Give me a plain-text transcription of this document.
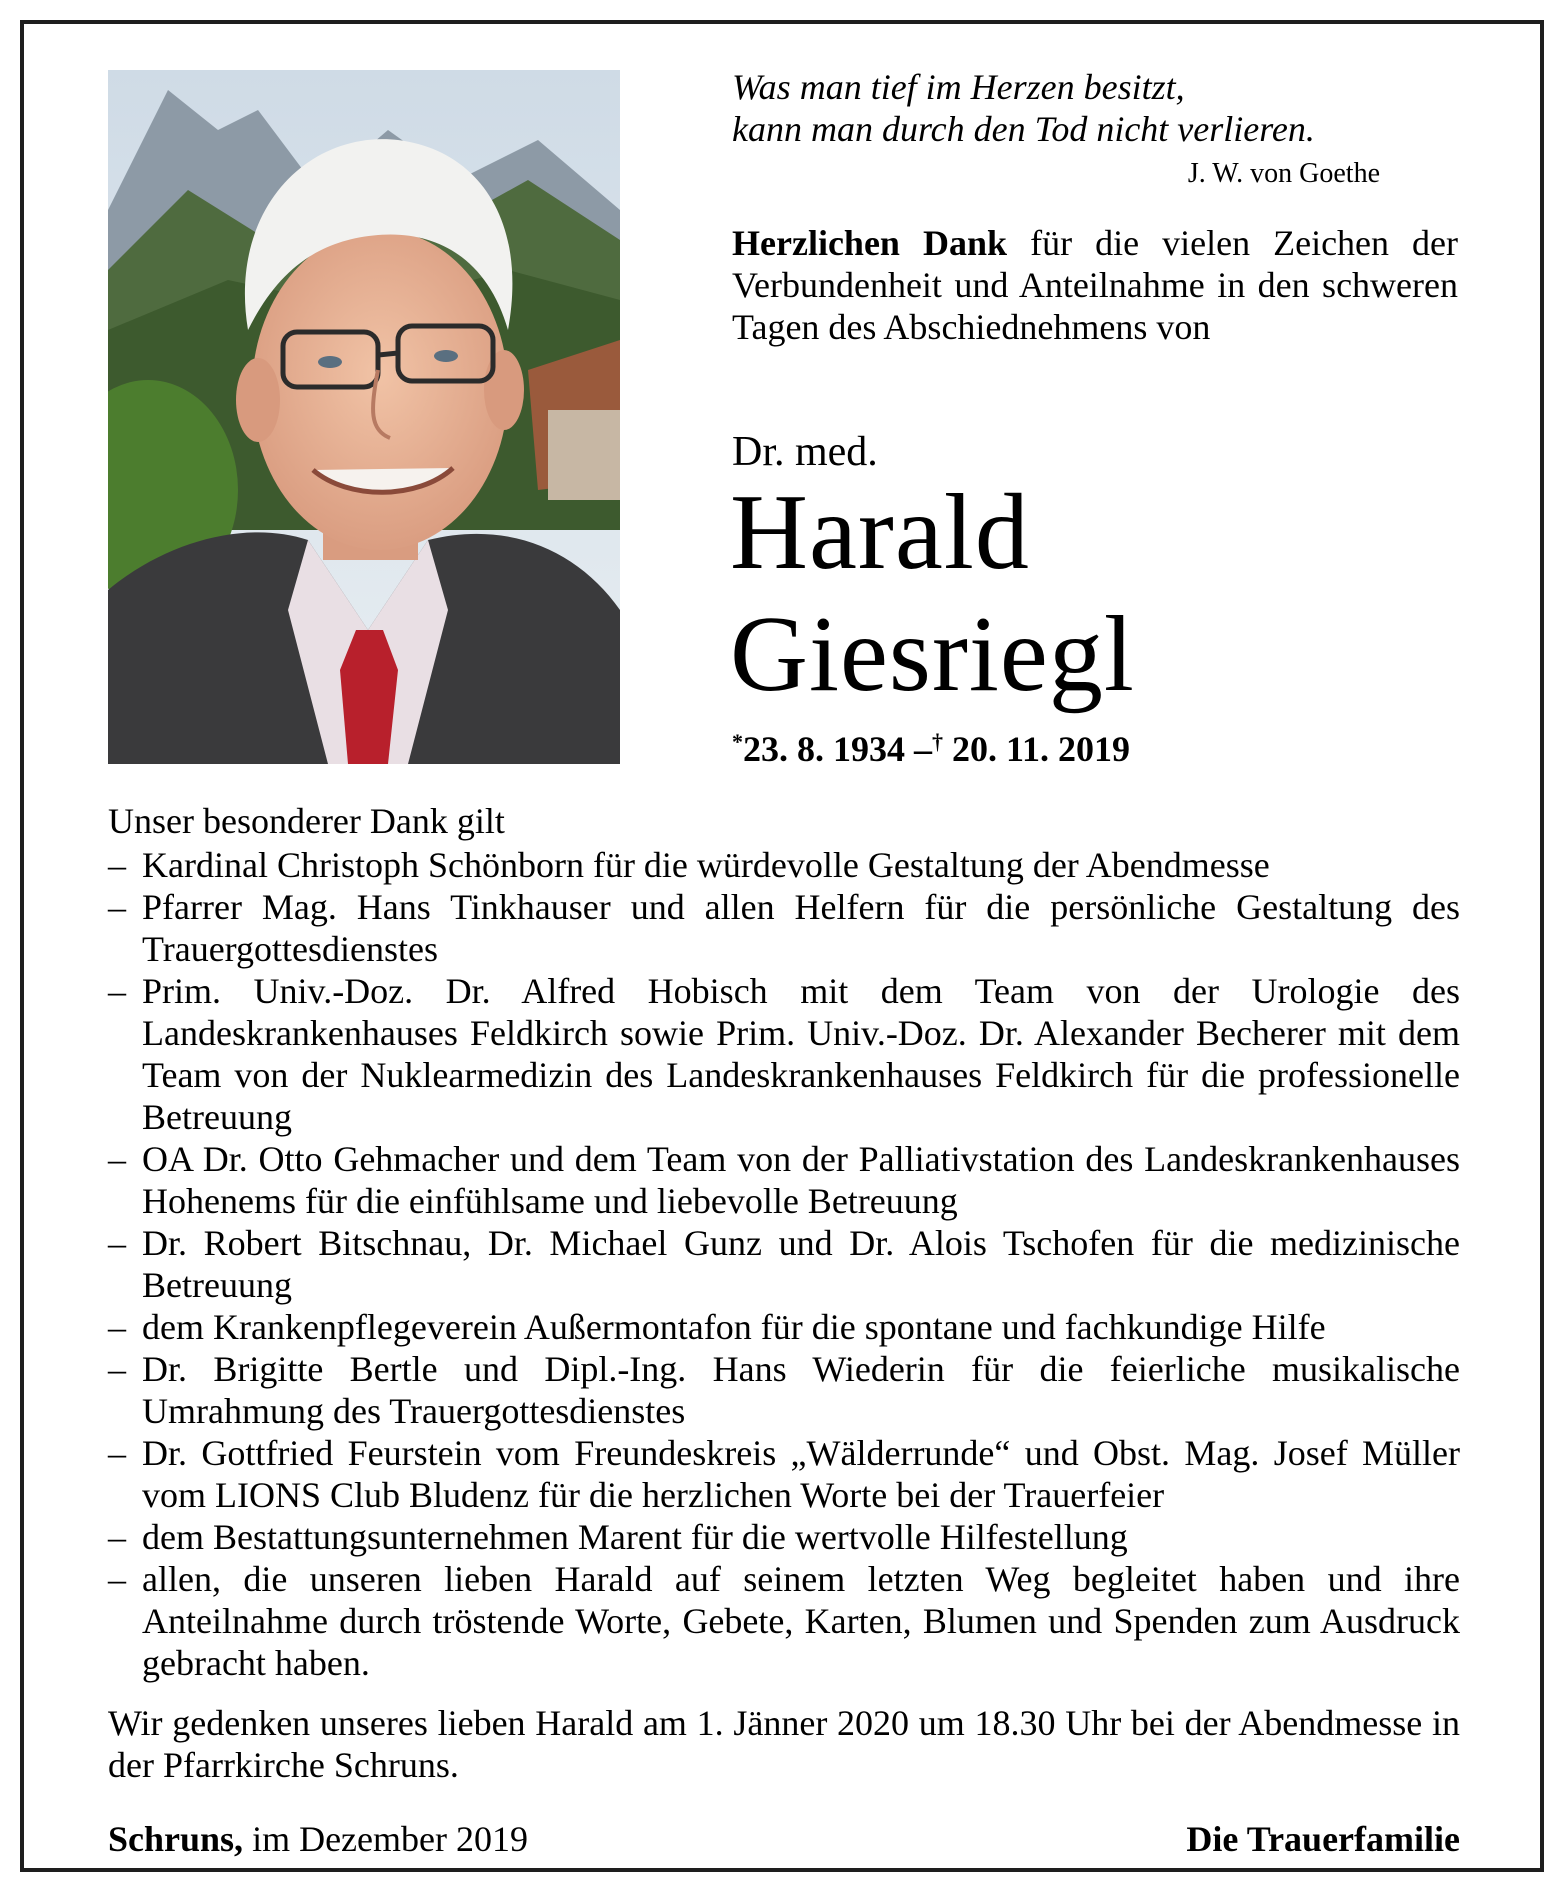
Was man tief im Herzen besitzt,
kann man durch den Tod nicht verlieren.
J. W. von Goethe
Herzlichen Dank für die vielen Zeichen der Verbundenheit und Anteilnahme in den schweren Tagen des Abschiednehmens von
Dr. med.
Harald
Giesriegl
*23. 8. 1934 –† 20. 11. 2019
Unser besonderer Dank gilt
– Kardinal Christoph Schönborn für die würdevolle Gestaltung der Abendmesse
– Pfarrer Mag. Hans Tinkhauser und allen Helfern für die persönliche Gestaltung des Trauergottesdienstes
– Prim. Univ.-Doz. Dr. Alfred Hobisch mit dem Team von der Urologie des Landeskrankenhauses Feldkirch sowie Prim. Univ.-Doz. Dr. Alexander Becherer mit dem Team von der Nuklearmedizin des Landeskrankenhauses Feldkirch für die professionelle Betreuung
– OA Dr. Otto Gehmacher und dem Team von der Palliativstation des Landeskrankenhauses Hohenems für die einfühlsame und liebevolle Betreuung
– Dr. Robert Bitschnau, Dr. Michael Gunz und Dr. Alois Tschofen für die medizinische Betreuung
– dem Krankenpflegeverein Außermontafon für die spontane und fachkundige Hilfe
– Dr. Brigitte Bertle und Dipl.-Ing. Hans Wiederin für die feierliche musikalische Umrahmung des Trauergottesdienstes
– Dr. Gottfried Feurstein vom Freundeskreis „Wälderrunde“ und Obst. Mag. Josef Müller vom LIONS Club Bludenz für die herzlichen Worte bei der Trauerfeier
– dem Bestattungsunternehmen Marent für die wertvolle Hilfestellung
– allen, die unseren lieben Harald auf seinem letzten Weg begleitet haben und ihre Anteilnahme durch tröstende Worte, Gebete, Karten, Blumen und Spenden zum Ausdruck gebracht haben.
Wir gedenken unseres lieben Harald am 1. Jänner 2020 um 18.30 Uhr bei der Abendmesse in der Pfarrkirche Schruns.
Schruns, im Dezember 2019	Die Trauerfamilie
